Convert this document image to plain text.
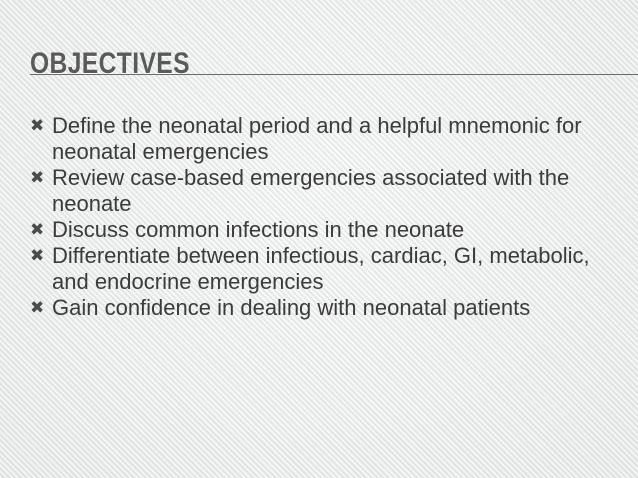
OBJECTIVES
✖ Define the neonatal period and a helpful mnemonic for neonatal emergencies
✖ Review case-based emergencies associated with the neonate
✖ Discuss common infections in the neonate
✖ Differentiate between infectious, cardiac, GI, metabolic, and endocrine emergencies
✖ Gain confidence in dealing with neonatal patients
